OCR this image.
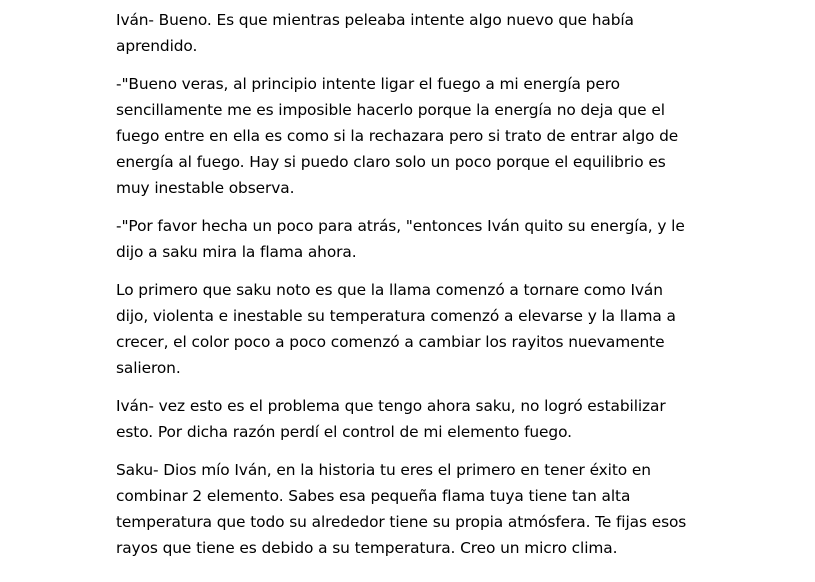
Iván- Bueno. Es que mientras peleaba intente algo nuevo que había
aprendido.

-"Bueno veras, al principio intente ligar el fuego a mi energía pero
sencillamente me es imposible hacerlo porque la energía no deja que el
fuego entre en ella es como si la rechazara pero si trato de entrar algo de
energía al fuego. Hay si puedo claro solo un poco porque el equilibrio es
muy inestable observa.

-"Por favor hecha un poco para atrás, "entonces Iván quito su energía, y le
dijo a saku mira la flama ahora.

Lo primero que saku noto es que la llama comenzó a tornare como Iván
dijo, violenta e inestable su temperatura comenzó a elevarse y la llama a
crecer, el color poco a poco comenzó a cambiar los rayitos nuevamente
salieron.

Iván- vez esto es el problema que tengo ahora saku, no logró estabilizar
esto. Por dicha razón perdí el control de mi elemento fuego.

Saku- Dios mío Iván, en la historia tu eres el primero en tener éxito en
combinar 2 elemento. Sabes esa pequeña flama tuya tiene tan alta
temperatura que todo su alrededor tiene su propia atmósfera. Te fijas esos
rayos que tiene es debido a su temperatura. Creo un micro clima.
